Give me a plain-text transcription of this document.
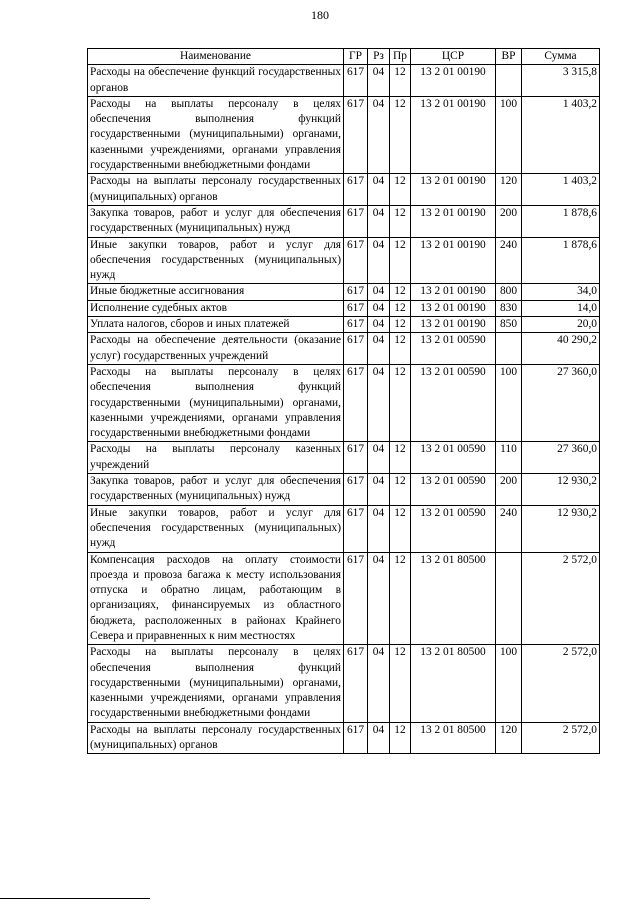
180
Наименование	ГР	Рз	Пр	ЦСР	ВР	Сумма
Расходы на обеспечение функций государственных органов	617	04	12	13 2 01 00190		3 315,8
Расходы на выплаты персоналу в целях обеспечения выполнения функций государственными (муниципальными) органами, казенными учреждениями, органами управления государственными внебюджетными фондами	617	04	12	13 2 01 00190	100	1 403,2
Расходы на выплаты персоналу государственных (муниципальных) органов	617	04	12	13 2 01 00190	120	1 403,2
Закупка товаров, работ и услуг для обеспечения государственных (муниципальных) нужд	617	04	12	13 2 01 00190	200	1 878,6
Иные закупки товаров, работ и услуг для обеспечения государственных (муниципальных) нужд	617	04	12	13 2 01 00190	240	1 878,6
Иные бюджетные ассигнования	617	04	12	13 2 01 00190	800	34,0
Исполнение судебных актов	617	04	12	13 2 01 00190	830	14,0
Уплата налогов, сборов и иных платежей	617	04	12	13 2 01 00190	850	20,0
Расходы на обеспечение деятельности (оказание услуг) государственных учреждений	617	04	12	13 2 01 00590		40 290,2
Расходы на выплаты персоналу в целях обеспечения выполнения функций государственными (муниципальными) органами, казенными учреждениями, органами управления государственными внебюджетными фондами	617	04	12	13 2 01 00590	100	27 360,0
Расходы на выплаты персоналу казенных учреждений	617	04	12	13 2 01 00590	110	27 360,0
Закупка товаров, работ и услуг для обеспечения государственных (муниципальных) нужд	617	04	12	13 2 01 00590	200	12 930,2
Иные закупки товаров, работ и услуг для обеспечения государственных (муниципальных) нужд	617	04	12	13 2 01 00590	240	12 930,2
Компенсация расходов на оплату стоимости проезда и провоза багажа к месту использования отпуска и обратно лицам, работающим в организациях, финансируемых из областного бюджета, расположенных в районах Крайнего Севера и приравненных к ним местностях	617	04	12	13 2 01 80500		2 572,0
Расходы на выплаты персоналу в целях обеспечения выполнения функций государственными (муниципальными) органами, казенными учреждениями, органами управления государственными внебюджетными фондами	617	04	12	13 2 01 80500	100	2 572,0
Расходы на выплаты персоналу государственных (муниципальных) органов	617	04	12	13 2 01 80500	120	2 572,0
